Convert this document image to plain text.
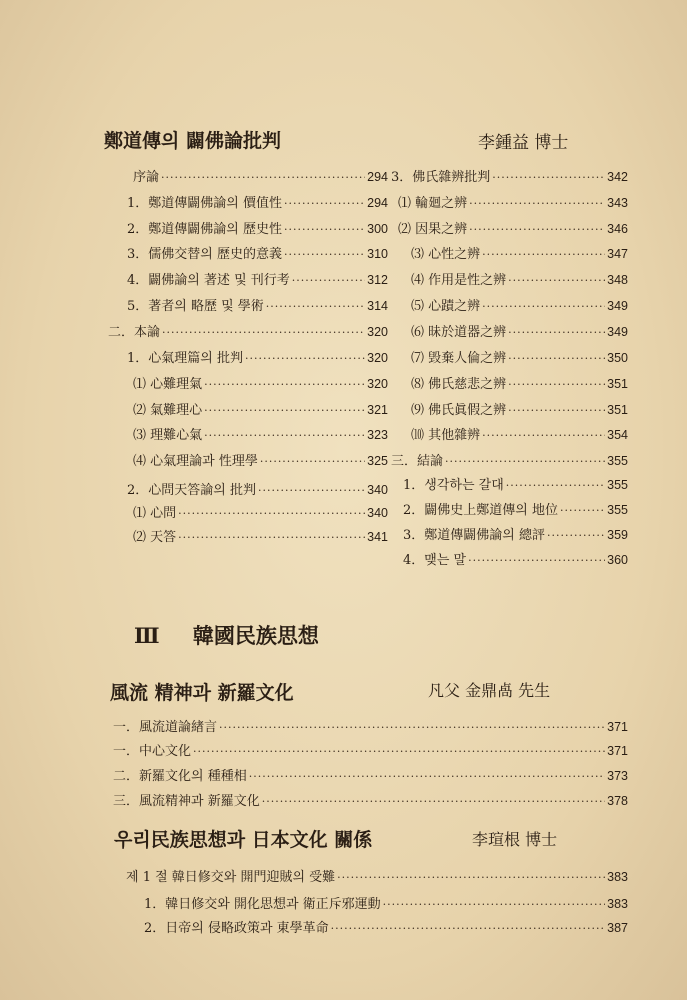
鄭道傳의 闢佛論批判	李鍾益 博士
序論 ·····	294
1．鄭道傳闢佛論의 價值性 ·····	294
2．鄭道傳闢佛論의 歷史性 ·····	300
3．儒佛交替의 歷史的意義 ·····	310
4．闢佛論의 著述 및 刊行考 ·····	312
5．著者의 略歷 및 學術 ·····	314
二．本論 ·····	320
1．心氣理篇의 批判 ·····	320
⑴ 心難理氣 ·····	320
⑵ 氣難理心 ·····	321
⑶ 理難心氣 ·····	323
⑷ 心氣理論과 性理學 ·····	325
2．心問天答論의 批判 ·····	340
⑴ 心問 ·····	340
⑵ 天答 ·····	341
3．佛氏雜辨批判 ·····	342
⑴ 輪廻之辨 ·····	343
⑵ 因果之辨 ·····	346
⑶ 心性之辨 ·····	347
⑷ 作用是性之辨 ·····	348
⑸ 心蹟之辨 ·····	349
⑹ 昧於道器之辨 ·····	349
⑺ 毁棄人倫之辨 ·····	350
⑻ 佛氏慈悲之辨 ·····	351
⑼ 佛氏眞假之辨 ·····	351
⑽ 其他雜辨 ·····	354
三．結論 ·····	355
1．생각하는 갈대 ·····	355
2．闢佛史上鄭道傳의 地位 ·····	355
3．鄭道傳闢佛論의 總評 ·····	359
4．맺는 말 ·····	360
Ⅲ 韓國民族思想
風流 精神과 新羅文化	凡父 金鼎卨 先生
一．風流道論緖言 ·····	371
一．中心文化 ·····	371
二．新羅文化의 種種相 ·····	373
三．風流精神과 新羅文化 ·····	378
우리民族思想과 日本文化 關係	李瑄根 博士
제 1 절 韓日修交와 開門迎賊의 受難 ·····	383
1．韓日修交와 開化思想과 衛正斥邪運動 ·····	383
2．日帝의 侵略政策과 東學革命 ·····	387
